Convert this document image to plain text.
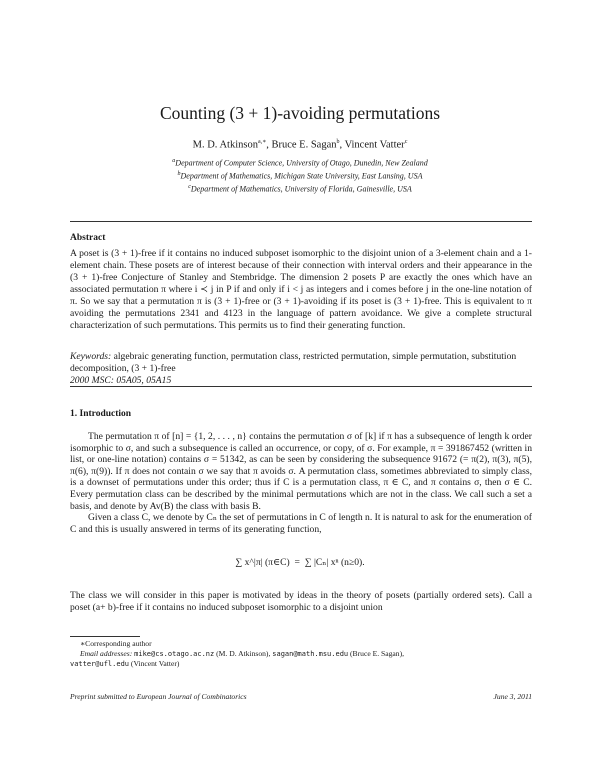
Counting (3 + 1)-avoiding permutations
M. D. Atkinson$^{a,∗}$, Bruce E. Sagan$^b$, Vincent Vatter$^c$
$^a$Department of Computer Science, University of Otago, Dunedin, New Zealand
$^b$Department of Mathematics, Michigan State University, East Lansing, USA
$^c$Department of Mathematics, University of Florida, Gainesville, USA
Abstract

A poset is (3 + 1)-free if it contains no induced subposet isomorphic to the disjoint union of a 3-element chain and a 1-element chain. These posets are of interest because of their connection with interval orders and their appearance in the (3 + 1)-free Conjecture of Stanley and Stembridge. The dimension 2 posets P are exactly the ones which have an associated permutation π where i ≺ j in P if and only if i < j as integers and i comes before j in the one-line notation of π. So we say that a permutation π is (3 + 1)-free or (3 + 1)-avoiding if its poset is (3 + 1)-free. This is equivalent to π avoiding the permutations 2341 and 4123 in the language of pattern avoidance. We give a complete structural characterization of such permutations. This permits us to find their generating function.

Keywords: algebraic generating function, permutation class, restricted permutation, simple permutation, substitution decomposition, (3 + 1)-free
2000 MSC: 05A05, 05A15
1. Introduction

The permutation π of [n] = {1, 2, . . . , n} contains the permutation σ of [k] if π has a subsequence of length k order isomorphic to σ, and such a subsequence is called an occurrence, or copy, of σ. For example, π = 391867452 (written in list, or one-line notation) contains σ = 51342, as can be seen by considering the subsequence 91672 (= π(2), π(3), π(5), π(6), π(9)). If π does not contain σ we say that π avoids σ. A permutation class, sometimes abbreviated to simply class, is a downset of permutations under this order; thus if C is a permutation class, π ∈ C, and π contains σ, then σ ∈ C. Every permutation class can be described by the minimal permutations which are not in the class. We call such a set a basis, and denote by Av(B) the class with basis B.

Given a class C, we denote by Cₙ the set of permutations in C of length n. It is natural to ask for the enumeration of C and this is usually answered in terms of its generating function,

∑ x^|π| (π∈C)  =  ∑ |Cₙ| xⁿ (n≥0).

The class we will consider in this paper is motivated by ideas in the theory of posets (partially ordered sets). Call a poset (a+ b)-free if it contains no induced subposet isomorphic to a disjoint union

∗Corresponding author
Email addresses: mike@cs.otago.ac.nz (M. D. Atkinson), sagan@math.msu.edu (Bruce E. Sagan),
vatter@ufl.edu (Vincent Vatter)
Preprint submitted to European Journal of Combinatorics	June 3, 2011
